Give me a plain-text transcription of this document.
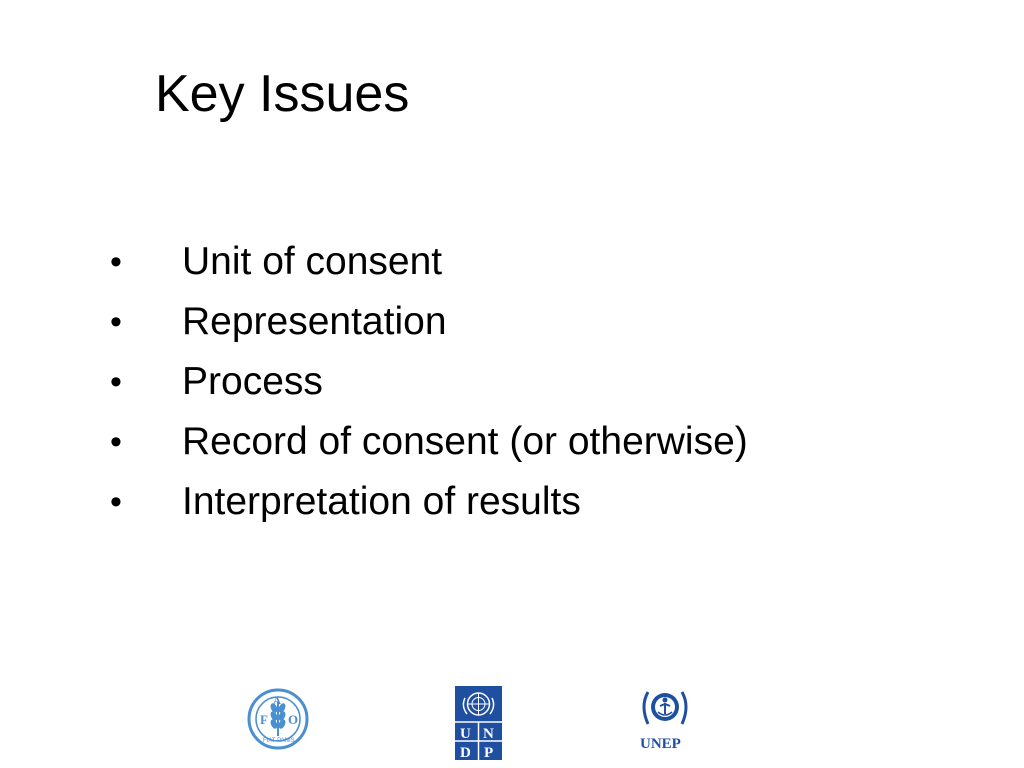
Key Issues
•	Unit of consent
•	Representation
•	Process
•	Record of consent (or otherwise)
•	Interpretation of results
F
A
O
FIAT PANIS	U N
D P
UNEP
